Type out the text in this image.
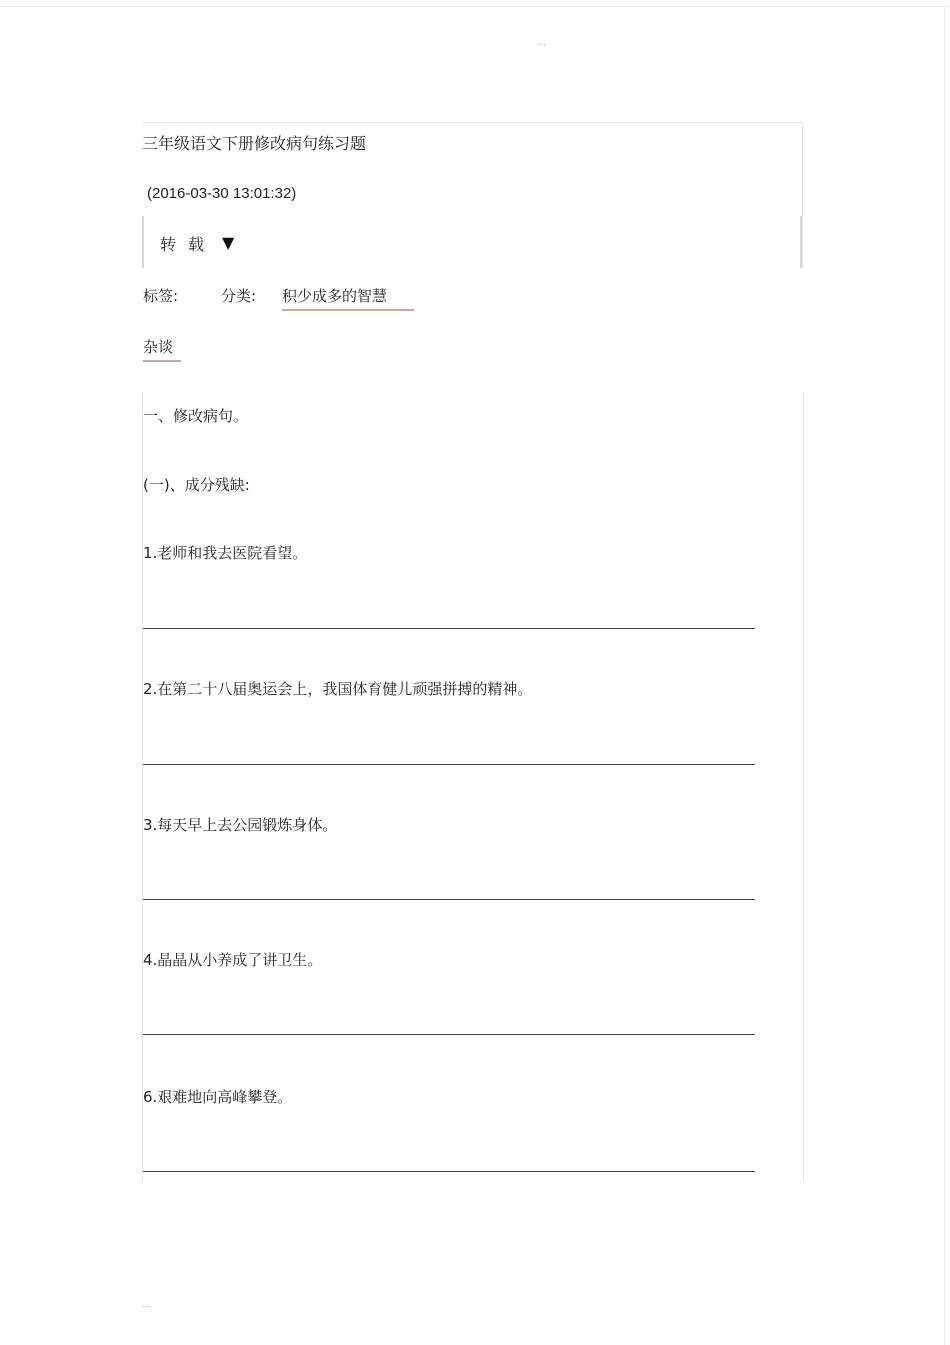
...
三年级语文下册修改病句练习题
(2016-03-30 13:01:32)
转载 ▼
标签:	分类: 积少成多的智慧
杂谈
一、修改病句。
(一)、成分残缺:
1.老师和我去医院看望。
2.在第二十八届奥运会上，我国体育健儿顽强拼搏的精神。
3.每天早上去公园锻炼身体。
4.晶晶从小养成了讲卫生。
6.艰难地向高峰攀登。
...
